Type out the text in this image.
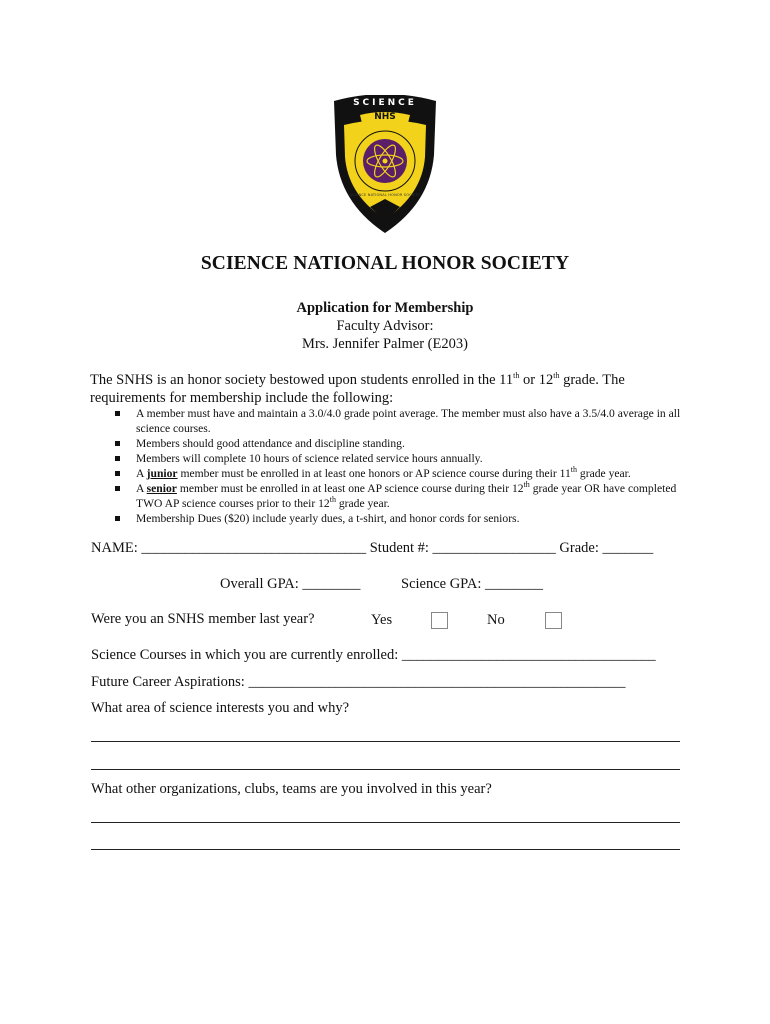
SCIENCE
NHS
SCIENCE NATIONAL HONOR SOCIETY
SCIENCE NATIONAL HONOR SOCIETY
Application for Membership
Faculty Advisor:
Mrs. Jennifer Palmer (E203)
The SNHS is an honor society bestowed upon students enrolled in the 11th or 12th grade. The requirements for membership include the following:
A member must have and maintain a 3.0/4.0 grade point average. The member must also have a 3.5/4.0 average in all science courses.
Members should good attendance and discipline standing.
Members will complete 10 hours of science related service hours annually.
A junior member must be enrolled in at least one honors or AP science course during their 11th grade year.
A senior member must be enrolled in at least one AP science course during their 12th grade year OR have completed TWO AP science courses prior to their 12th grade year.
Membership Dues ($20) include yearly dues, a t-shirt, and honor cords for seniors.
NAME: _______________________________ Student #: _________________ Grade: _______
Overall GPA: ________	Science GPA: ________
Were you an SNHS member last year?	Yes	No
Science Courses in which you are currently enrolled: ___________________________________
Future Career Aspirations: ____________________________________________________
What area of science interests you and why?
What other organizations, clubs, teams are you involved in this year?
